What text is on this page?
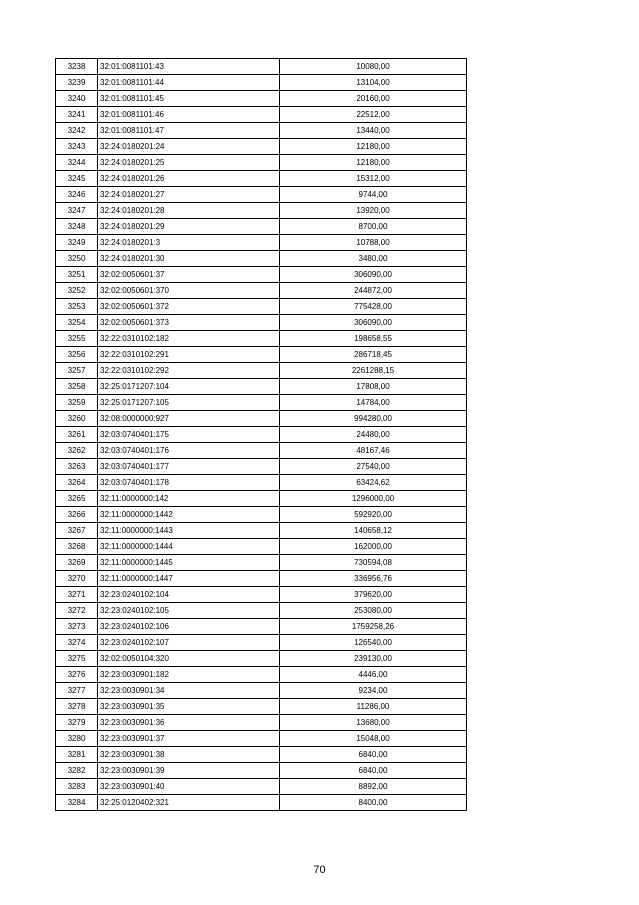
3238	32:01:0081101:43	10080,00
3239	32:01:0081101:44	13104,00
3240	32:01:0081101:45	20160,00
3241	32:01:0081101:46	22512,00
3242	32:01:0081101:47	13440,00
3243	32:24:0180201:24	12180,00
3244	32:24:0180201:25	12180,00
3245	32:24:0180201:26	15312,00
3246	32:24:0180201:27	9744,00
3247	32:24:0180201:28	13920,00
3248	32:24:0180201:29	8700,00
3249	32:24:0180201:3	10788,00
3250	32:24:0180201:30	3480,00
3251	32:02:0050601:37	306090,00
3252	32:02:0050601:370	244872,00
3253	32:02:0050601:372	775428,00
3254	32:02:0050601:373	306090,00
3255	32:22:0310102:182	198658,55
3256	32:22:0310102:291	286718,45
3257	32:22:0310102:292	2261288,15
3258	32:25:0171207:104	17808,00
3259	32:25:0171207:105	14784,00
3260	32:08:0000000:927	994280,00
3261	32:03:0740401:175	24480,00
3262	32:03:0740401:176	48167,46
3263	32:03:0740401:177	27540,00
3264	32:03:0740401:178	63424,62
3265	32:11:0000000:142	1296000,00
3266	32:11:0000000:1442	592920,00
3267	32:11:0000000:1443	140658,12
3268	32:11:0000000:1444	162000,00
3269	32:11:0000000:1445	730594,08
3270	32:11:0000000:1447	336956,76
3271	32:23:0240102:104	379620,00
3272	32:23:0240102:105	253080,00
3273	32:23:0240102:106	1759258,26
3274	32:23:0240102:107	126540,00
3275	32:02:0050104:320	239130,00
3276	32:23:0030901:182	4446,00
3277	32:23:0030901:34	9234,00
3278	32:23:0030901:35	11286,00
3279	32:23:0030901:36	13680,00
3280	32:23:0030901:37	15048,00
3281	32:23:0030901:38	6840,00
3282	32:23:0030901:39	6840,00
3283	32:23:0030901:40	8892,00
3284	32:25:0120402:321	8400,00
70
